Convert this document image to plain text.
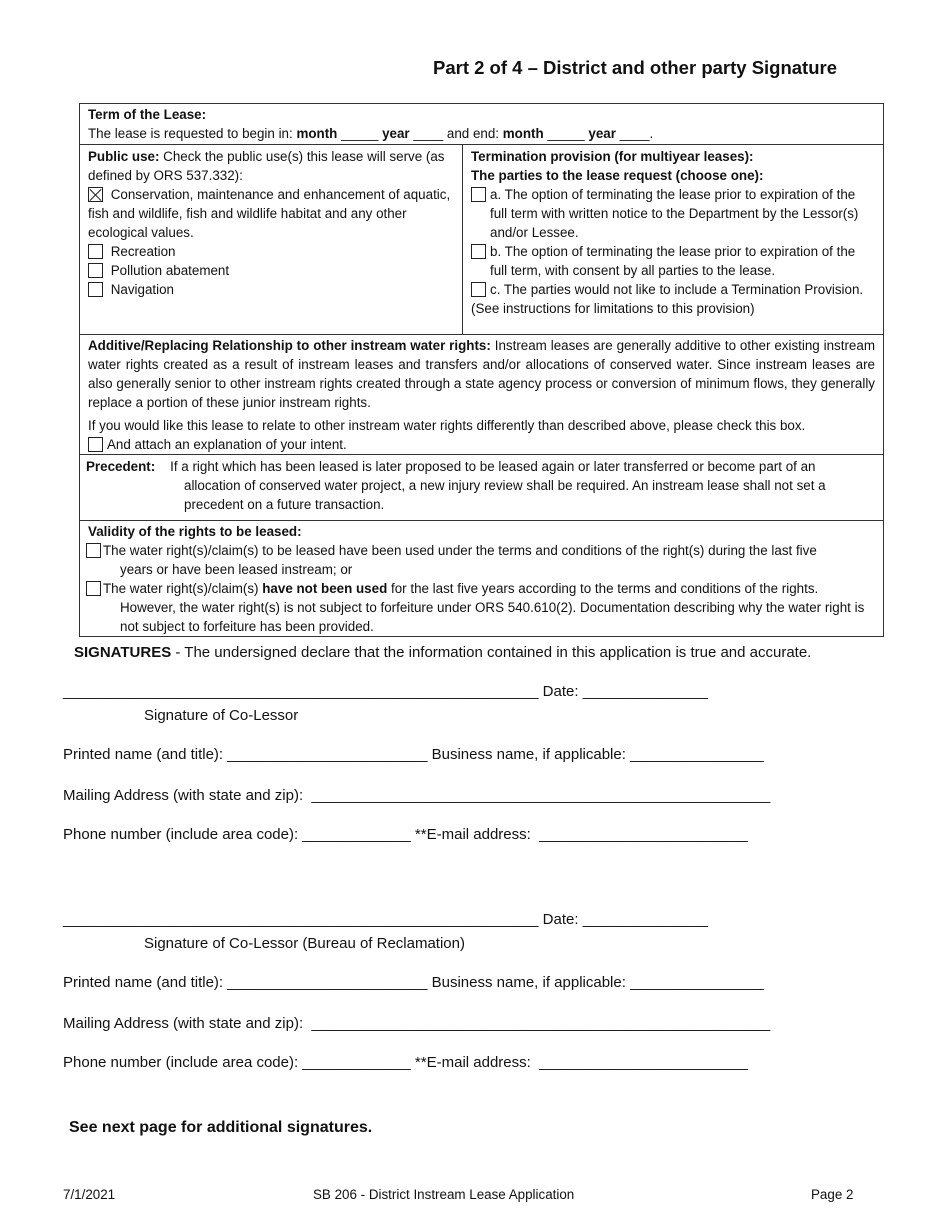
Part 2 of 4 – District and other party Signature
Term of the Lease:
The lease is requested to begin in: month _____ year ____ and end: month _____ year ____.

Public use: Check the public use(s) this lease will serve (as defined by ORS 537.332):
Conservation, maintenance and enhancement of aquatic, fish and wildlife, fish and wildlife habitat and any other ecological values.
Recreation
Pollution abatement
Navigation

Termination provision (for multiyear leases):
The parties to the lease request (choose one):
a. The option of terminating the lease prior to expiration of the full term with written notice to the Department by the Lessor(s) and/or Lessee.
b. The option of terminating the lease prior to expiration of the full term, with consent by all parties to the lease.
c. The parties would not like to include a Termination Provision.
(See instructions for limitations to this provision)

Additive/Replacing Relationship to other instream water rights: Instream leases are generally additive to other existing instream water rights created as a result of instream leases and transfers and/or allocations of conserved water. Since instream leases are also generally senior to other instream rights created through a state agency process or conversion of minimum flows, they generally replace a portion of these junior instream rights.
If you would like this lease to relate to other instream water rights differently than described above, please check this box.
And attach an explanation of your intent.

Precedent: If a right which has been leased is later proposed to be leased again or later transferred or become part of an
allocation of conserved water project, a new injury review shall be required. An instream lease shall not set a precedent on a future transaction.

Validity of the rights to be leased:
The water right(s)/claim(s) to be leased have been used under the terms and conditions of the right(s) during the last five
years or have been leased instream; or
The water right(s)/claim(s) have not been used for the last five years according to the terms and conditions of the rights.
However, the water right(s) is not subject to forfeiture under ORS 540.610(2). Documentation describing why the water right is not subject to forfeiture has been provided.
SIGNATURES - The undersigned declare that the information contained in this application is true and accurate.
_________________________________________________________ Date: _______________
Signature of Co-Lessor
Printed name (and title): ________________________ Business name, if applicable: ________________
Mailing Address (with state and zip):  _______________________________________________________
Phone number (include area code): _____________ **E-mail address:  _________________________
_________________________________________________________ Date: _______________
Signature of Co-Lessor (Bureau of Reclamation)
Printed name (and title): ________________________ Business name, if applicable: ________________
Mailing Address (with state and zip):  _______________________________________________________
Phone number (include area code): _____________ **E-mail address:  _________________________
See next page for additional signatures.
7/1/2021	SB 206 - District Instream Lease Application	Page 2
